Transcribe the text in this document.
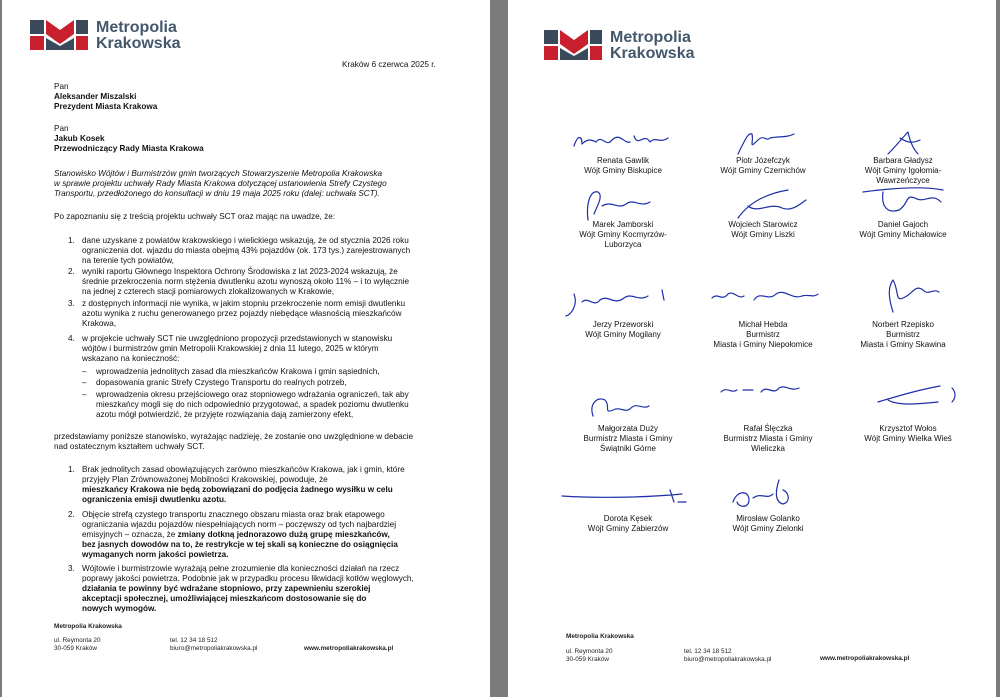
Metropolia
Krakowska
Kraków 6 czerwca 2025 r.
Pan
Aleksander Miszalski
Prezydent Miasta Krakowa
Pan
Jakub Kosek
Przewodniczący Rady Miasta Krakowa
Stanowisko Wójtów i Burmistrzów gmin tworzących Stowarzyszenie Metropolia Krakowska
w sprawie projektu uchwały Rady Miasta Krakowa dotyczącej ustanowienia Strefy Czystego
Transportu, przedłożonego do konsultacji w dniu 19 maja 2025 roku (dalej: uchwała SCT).
Po zapoznaniu się z treścią projektu uchwały SCT oraz mając na uwadze, że:
1. dane uzyskane z powiatów krakowskiego i wielickiego wskazują, że od stycznia 2026 roku
ograniczenia dot. wjazdu do miasta obejmą 43% pojazdów (ok. 173 tys.) zarejestrowanych
na terenie tych powiatów,
2. wyniki raportu Głównego Inspektora Ochrony Środowiska z lat 2023-2024 wskazują, że
średnie przekroczenia norm stężenia dwutlenku azotu wynoszą około 11% – i to wyłącznie
na jednej z czterech stacji pomiarowych zlokalizowanych w Krakowie,
3. z dostępnych informacji nie wynika, w jakim stopniu przekroczenie norm emisji dwutlenku
azotu wynika z ruchu generowanego przez pojazdy niebędące własnością mieszkańców
Krakowa,
4. w projekcie uchwały SCT nie uwzględniono propozycji przedstawionych w stanowisku
wójtów i burmistrzów gmin Metropolii Krakowskiej z dnia 11 lutego, 2025 w którym
wskazano na konieczność:
– wprowadzenia jednolitych zasad dla mieszkańców Krakowa i gmin sąsiednich,
– dopasowania granic Strefy Czystego Transportu do realnych potrzeb,
– wprowadzenia okresu przejściowego oraz stopniowego wdrażania ograniczeń, tak aby
mieszkańcy mogli się do nich odpowiednio przygotować, a spadek poziomu dwutlenku
azotu mógł potwierdzić, że przyjęte rozwiązania dają zamierzony efekt,
przedstawiamy poniższe stanowisko, wyrażając nadzieję, że zostanie ono uwzględnione w debacie
nad ostatecznym kształtem uchwały SCT.
1. Brak jednolitych zasad obowiązujących zarówno mieszkańców Krakowa, jak i gmin, które
przyjęły Plan Zrównoważonej Mobilności Krakowskiej, powoduje, że
mieszkańcy Krakowa nie będą zobowiązani do podjęcia żadnego wysiłku w celu
ograniczenia emisji dwutlenku azotu.
2. Objęcie strefą czystego transportu znacznego obszaru miasta oraz brak etapowego
ograniczania wjazdu pojazdów niespełniających norm – poczęwszy od tych najbardziej
emisyjnych – oznacza, że zmiany dotkną jednorazowo dużą grupę mieszkańców,
bez jasnych dowodów na to, że restrykcje w tej skali są konieczne do osiągnięcia
wymaganych norm jakości powietrza.
3. Wójtowie i burmistrzowie wyrażają pełne zrozumienie dla konieczności działań na rzecz
poprawy jakości powietrza. Podobnie jak w przypadku procesu likwidacji kotłów węglowych,
działania te powinny być wdrażane stopniowo, przy zapewnieniu szerokiej
akceptacji społecznej, umożliwiającej mieszkańcom dostosowanie się do
nowych wymogów.
Metropolia Krakowska
ul. Reymonta 20
30-059 Kraków
tel. 12 34 18 512
biuro@metropoliakrakowska.pl	www.metropoliakrakowska.pl
Metropolia
Krakowska
Renata Gawlik
Wójt Gminy Biskupice
Piotr Józefczyk
Wójt Gminy Czernichów
Barbara Gładysz
Wójt Gminy Igołomia-
Wawrzeńczyce
Marek Jamborski
Wójt Gminy Kocmyrzów-
Luborzyca
Wojciech Starowicz
Wójt Gminy Liszki
Daniel Gajoch
Wójt Gminy Michałowice
Jerzy Przeworski
Wójt Gminy Mogilany
Michał Hebda
Burmistrz
Miasta i Gminy Niepołomice
Norbert Rzepisko
Burmistrz
Miasta i Gminy Skawina
Małgorzata Duży
Burmistrz Miasta i Gminy
Świątniki Górne
Rafał Ślęczka
Burmistrz Miasta i Gminy
Wieliczka
Krzysztof Wołos
Wójt Gminy Wielka Wieś
Dorota Kęsek
Wójt Gminy Zabierzów
Mirosław Golanko
Wójt Gminy Zielonki
Metropolia Krakowska
ul. Reymonta 20
30-059 Kraków
tel. 12 34 18 512
biuro@metropoliakrakowska.pl	www.metropoliakrakowska.pl
